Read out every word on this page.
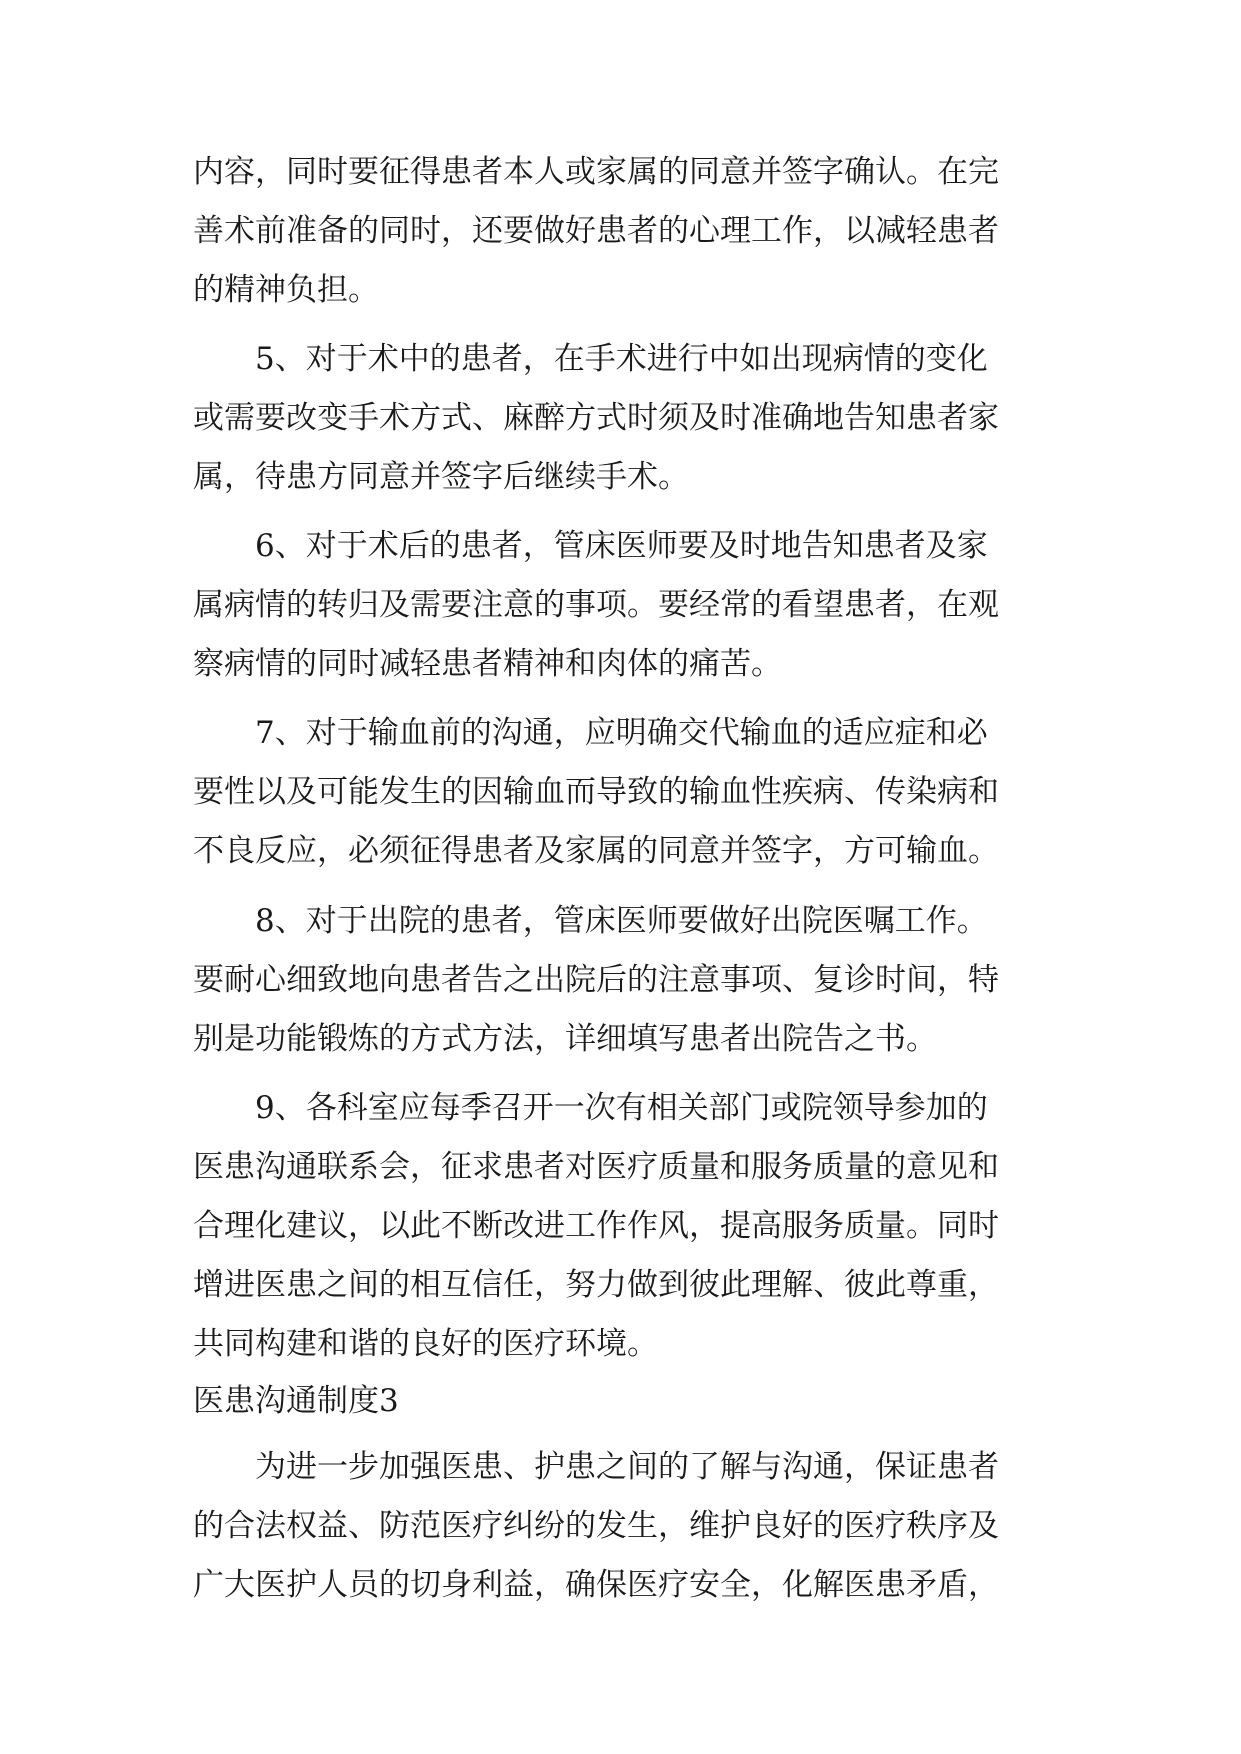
内容，同时要征得患者本人或家属的同意并签字确认。在完
善术前准备的同时，还要做好患者的心理工作，以减轻患者
的精神负担。
5、对于术中的患者，在手术进行中如出现病情的变化
或需要改变手术方式、麻醉方式时须及时准确地告知患者家
属，待患方同意并签字后继续手术。
6、对于术后的患者，管床医师要及时地告知患者及家
属病情的转归及需要注意的事项。要经常的看望患者，在观
察病情的同时减轻患者精神和肉体的痛苦。
7、对于输血前的沟通，应明确交代输血的适应症和必
要性以及可能发生的因输血而导致的输血性疾病、传染病和
不良反应，必须征得患者及家属的同意并签字，方可输血。
8、对于出院的患者，管床医师要做好出院医嘱工作。
要耐心细致地向患者告之出院后的注意事项、复诊时间，特
别是功能锻炼的方式方法，详细填写患者出院告之书。
9、各科室应每季召开一次有相关部门或院领导参加的
医患沟通联系会，征求患者对医疗质量和服务质量的意见和
合理化建议，以此不断改进工作作风，提高服务质量。同时
增进医患之间的相互信任，努力做到彼此理解、彼此尊重，
共同构建和谐的良好的医疗环境。
医患沟通制度3
为进一步加强医患、护患之间的了解与沟通，保证患者
的合法权益、防范医疗纠纷的发生，维护良好的医疗秩序及
广大医护人员的切身利益，确保医疗安全，化解医患矛盾，
